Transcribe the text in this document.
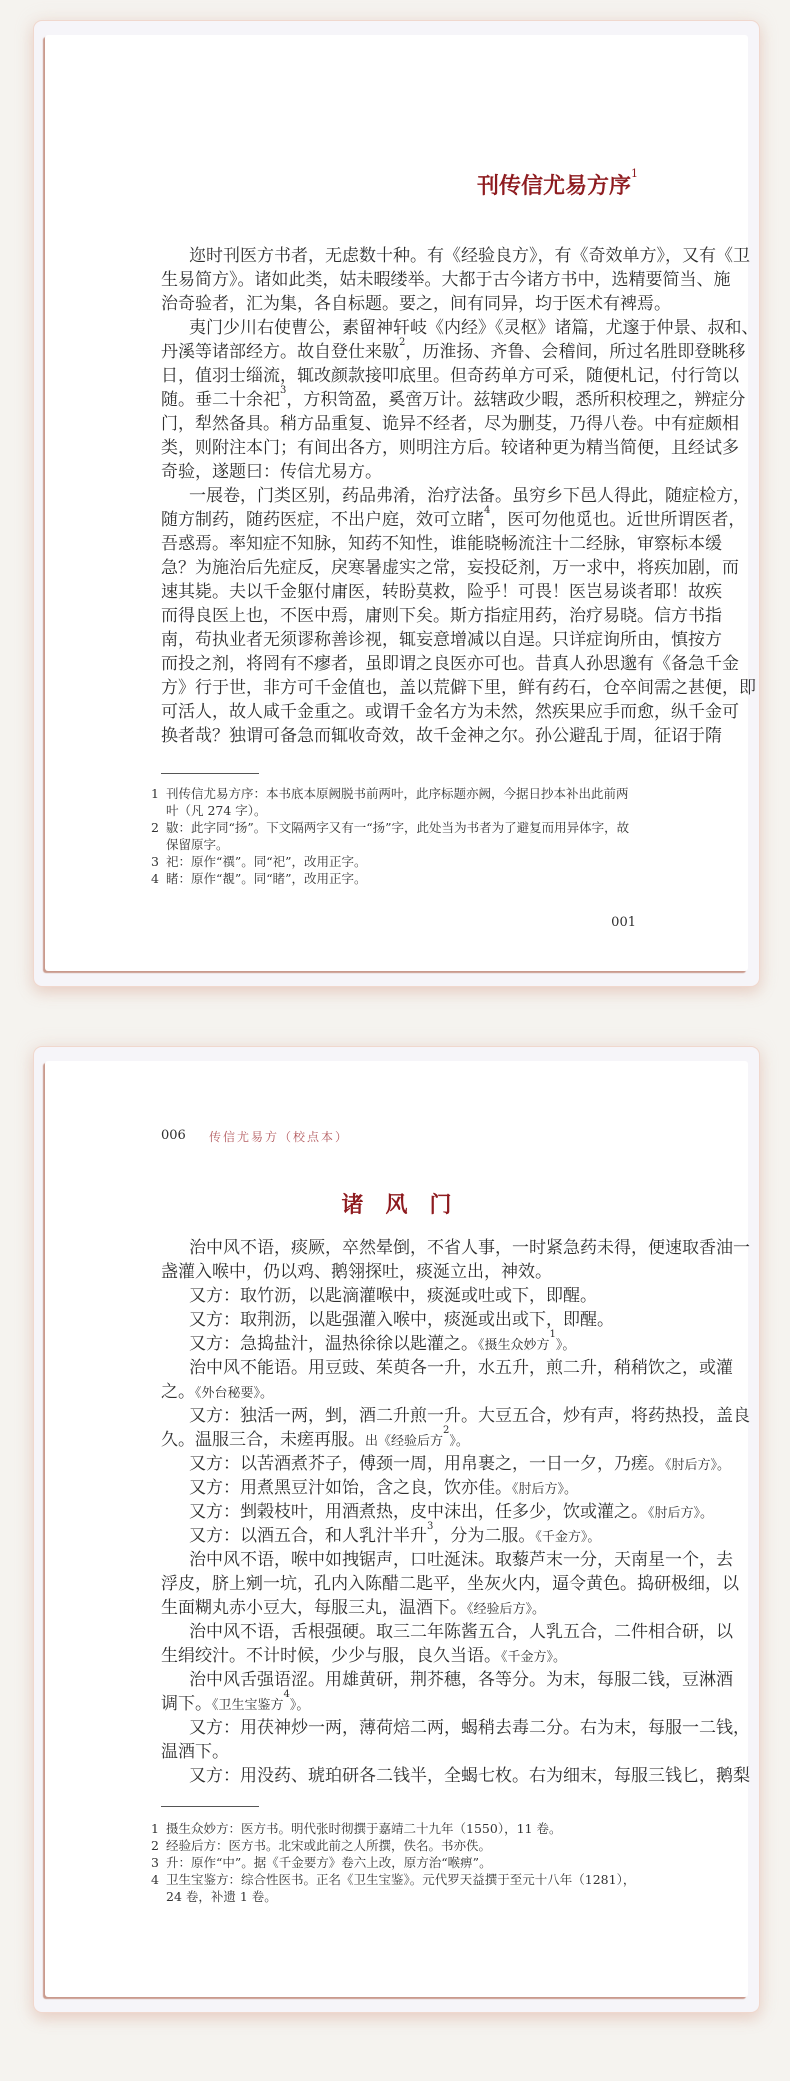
刊传信尤易方序$^1$
迩时刊医方书者，无虑数十种。有《经验良方》，有《奇效单方》，又有《卫
生易简方》。诸如此类，姑未暇缕举。大都于古今诸方书中，选精要简当、施
治奇验者，汇为集，各自标题。要之，间有同异，均于医术有裨焉。
夷门少川右使曹公，素留神轩岐《内经》《灵枢》诸篇，尤邃于仲景、叔和、
丹溪等诸部经方。故自登仕来敭$^2$，历淮扬、齐鲁、会稽间，所过名胜即登眺移
日，值羽士缁流，辄改颜款接叩底里。但奇药单方可采，随便札记，付行笥以
随。垂二十余祀$^3$，方积笥盈，奚啻万计。兹辖政少暇，悉所积校理之，辨症分
门，犁然备具。稍方品重复、诡异不经者，尽为删芟，乃得八卷。中有症颇相
类，则附注本门；有间出各方，则明注方后。较诸种更为精当简便，且经试多
奇验，遂题曰：传信尤易方。
一展卷，门类区别，药品弗淆，治疗法备。虽穷乡下邑人得此，随症检方，
随方制药，随药医症，不出户庭，效可立睹$^4$，医可勿他觅也。近世所谓医者，
吾惑焉。率知症不知脉，知药不知性，谁能晓畅流注十二经脉，审察标本缓
急？为施治后先症反，戾寒暑虚实之常，妄投砭剂，万一求中，将疾加剧，而
速其毙。夫以千金躯付庸医，转盼莫救，险乎！可畏！医岂易谈者耶！故疾
而得良医上也，不医中焉，庸则下矣。斯方指症用药，治疗易晓。信方书指
南，苟执业者无须谬称善诊视，辄妄意增减以自逞。只详症询所由，慎按方
而投之剂，将罔有不瘳者，虽即谓之良医亦可也。昔真人孙思邈有《备急千金
方》行于世，非方可千金值也，盖以荒僻下里，鲜有药石，仓卒间需之甚便，即
可活人，故人咸千金重之。或谓千金名方为未然，然疾果应手而愈，纵千金可
换者哉？独谓可备急而辄收奇效，故千金神之尔。孙公避乱于周，征诏于隋
1 刊传信尤易方序：本书底本原阙脱书前两叶，此序标题亦阙，今据日抄本补出此前两叶（凡 274 字）。
2 敭：此字同“扬”。下文隔两字又有一“扬”字，此处当为书者为了避复而用异体字，故保留原字。
3 祀：原作“禩”。同“祀”，改用正字。
4 睹：原作“覩”。同“睹”，改用正字。
001
006 传信尤易方（校点本）
诸风门
治中风不语，痰厥，卒然晕倒，不省人事，一时紧急药未得，便速取香油一
盏灌入喉中，仍以鸡、鹅翎探吐，痰涎立出，神效。
又方：取竹沥，以匙滴灌喉中，痰涎或吐或下，即醒。
又方：取荆沥，以匙强灌入喉中，痰涎或出或下，即醒。
又方：急捣盐汁，温热徐徐以匙灌之。《摄生众妙方$^1$》。
治中风不能语。用豆豉、茱萸各一升，水五升，煎二升，稍稍饮之，或灌
之。《外台秘要》。
又方：独活一两，剉，酒二升煎一升。大豆五合，炒有声，将药热投，盖良
久。温服三合，未瘥再服。出《经验后方$^2$》。
又方：以苦酒煮芥子，傅颈一周，用帛裹之，一日一夕，乃瘥。《肘后方》。
又方：用煮黑豆汁如饴，含之良，饮亦佳。《肘后方》。
又方：剉榖枝叶，用酒煮热，皮中沫出，任多少，饮或灌之。《肘后方》。
又方：以酒五合，和人乳汁半升$^3$，分为二服。《千金方》。
治中风不语，喉中如拽锯声，口吐涎沫。取藜芦末一分，天南星一个，去
浮皮，脐上剜一坑，孔内入陈醋二匙平，坐灰火内，逼令黄色。捣研极细，以
生面糊丸赤小豆大，每服三丸，温酒下。《经验后方》。
治中风不语，舌根强硬。取三二年陈酱五合，人乳五合，二件相合研，以
生绢绞汁。不计时候，少少与服，良久当语。《千金方》。
治中风舌强语涩。用雄黄研，荆芥穗，各等分。为末，每服二钱，豆淋酒
调下。《卫生宝鉴方$^4$》。
又方：用茯神炒一两，薄荷焙二两，蝎稍去毒二分。右为末，每服一二钱，
温酒下。
又方：用没药、琥珀研各二钱半，全蝎七枚。右为细末，每服三钱匕，鹅梨
1 摄生众妙方：医方书。明代张时彻撰于嘉靖二十九年（1550），11 卷。
2 经验后方：医方书。北宋或此前之人所撰，佚名。书亦佚。
3 升：原作“中”。据《千金要方》卷六上改，原方治“喉痹”。
4 卫生宝鉴方：综合性医书。正名《卫生宝鉴》。元代罗天益撰于至元十八年（1281），24 卷，补遗 1 卷。
